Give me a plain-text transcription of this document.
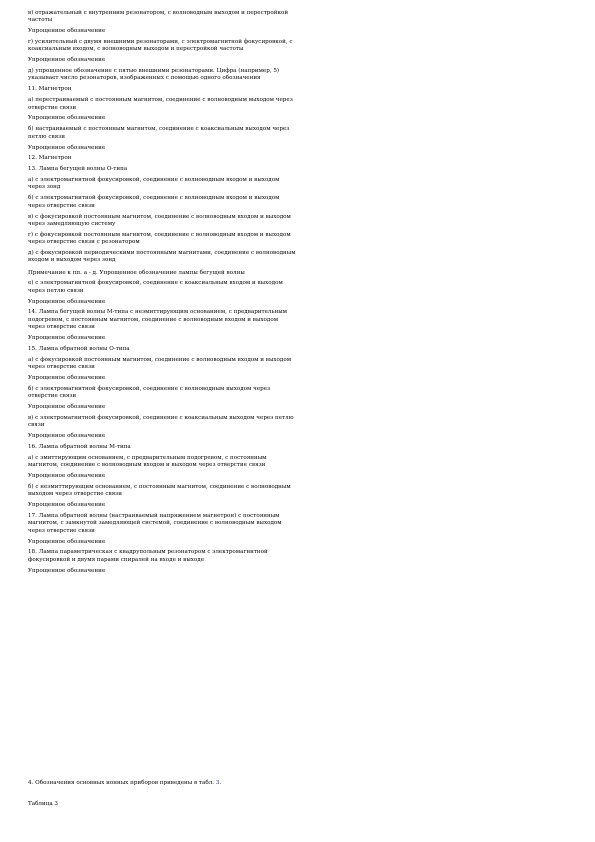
в) отражательный с внутренним резонатором, с волноводным выходом и перестройкой частоты

Упрощенное обозначение

г) усилительный с двумя внешними резонаторами, с электромагнитной фокусировкой, с коаксиальным входом, с волноводным выходом и перестройкой частоты

Упрощенное обозначение

д) упрощенное обозначение с пятью внешними резонаторами. Цифра (например, 5) указывает число резонаторов, изображенных с помощью одного обозначения

11. Магнетрон

а) перестраиваемый с постоянным магнитом, соединение с волноводным выходом через отверстие связи

Упрощенное обозначение

б) настраиваемый с постоянным магнитом, соединение с коаксиальным выходом через петлю связи

Упрощенное обозначение

12. Магнетрон

13. Лампа бегущей волны О-типа

а) с электромагнитной фокусировкой, соединение с волноводным входом и выходом через зонд

б) с электромагнитной фокусировкой, соединение с волноводным входом и выходом через отверстие связи

в) с фокусировкой постоянным магнитом, соединение с волноводным входом и выходом через замедляющую систему

г) с фокусировкой постоянным магнитом, соединение с волноводным входом и выходом через отверстие связи с резонатором

д) с фокусировкой периодическими постоянными магнитами, соединение с волноводным входом и выходом через зонд

Примечание к пп. а - д. Упрощенное обозначение лампы бегущей волны

е) с электромагнитной фокусировкой, соединение с коаксиальным входом и выходом через петлю связи

Упрощенное обозначение

14. Лампа бегущей волны М-типа с неэмиттирующим основанием, с предварительным подогревом, с постоянным магнитом, соединение с волноводным входом и выходом через отверстие связи

Упрощенное обозначение

15. Лампа обратной волны О-типа

а) с фокусировкой постоянным магнитом, соединение с волноводным входом и выходом через отверстие связи

Упрощенное обозначение

б) с электромагнитной фокусировкой, соединение с волноводным выходом через отверстие связи

Упрощенное обозначение

в) с электромагнитной фокусировкой, соединение с коаксиальным выходом через петлю связи

Упрощенное обозначение

16. Лампа обратной волны М-типа

а) с эмиттирующим основанием, с предварительным подогревом, с постоянным магнитом, соединение с волноводным входом и выходом через отверстие связи

Упрощенное обозначение

б) с неэмиттирующим основанием, с постоянным магнитом, соединение с волноводным выходом через отверстие связи

Упрощенное обозначение

17. Лампа обратной волны (настраиваемый напряжением магнетрон) с постоянным магнитом, с замкнутой замедляющей системой, соединение с волноводным выходом через отверстие связи

Упрощенное обозначение

18. Лампа параметрическая с квадрупольным резонатором с электромагнитной фокусировкой и двумя парами спиралей на входе и выходе

Упрощенное обозначение

4. Обозначения основных ионных приборов приведены в табл. 3.

Таблица 3
